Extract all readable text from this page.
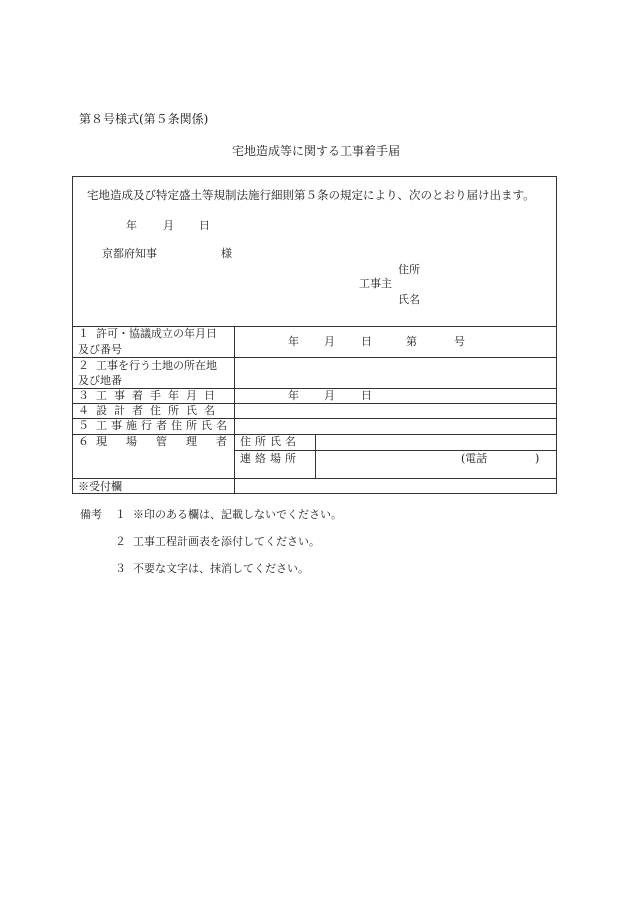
第８号様式(第５条関係)
宅地造成等に関する工事着手届
宅地造成及び特定盛土等規制法施行細則第５条の規定により、次のとおり届け出ます。
年 月 日
京都府知事	様
住所
工事主
氏名
１ 許可・協議成立の年月日
及び番号
年 月 日	第	号
２ 工事を行う土地の所在地
及び地番
３ 工事着手年月日	年 月 日
４ 設計者住所氏名
５ 工事施行者住所氏名
６ 現場管理者
住所氏名
連絡場所	(電話	)
※受付欄
備考 １ ※印のある欄は、記載しないでください。
２ 工事工程計画表を添付してください。
３ 不要な文字は、抹消してください。
